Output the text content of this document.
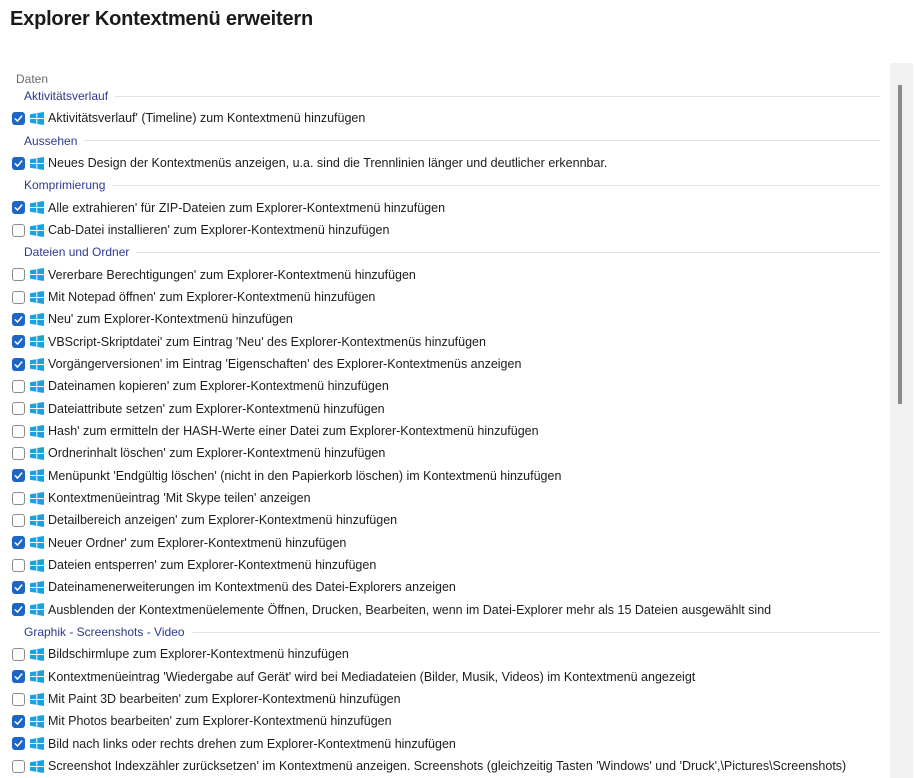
Explorer Kontextmenü erweitern
Daten
Aktivitätsverlauf
Aktivitätsverlauf' (Timeline) zum Kontextmenü hinzufügen
Aussehen
Neues Design der Kontextmenüs anzeigen, u.a. sind die Trennlinien länger und deutlicher erkennbar.
Komprimierung
Alle extrahieren' für ZIP-Dateien zum Explorer-Kontextmenü hinzufügen
Cab-Datei installieren' zum Explorer-Kontextmenü hinzufügen
Dateien und Ordner
Vererbare Berechtigungen' zum Explorer-Kontextmenü hinzufügen
Mit Notepad öffnen' zum Explorer-Kontextmenü hinzufügen
Neu' zum Explorer-Kontextmenü hinzufügen
VBScript-Skriptdatei' zum Eintrag 'Neu' des Explorer-Kontextmenüs hinzufügen
Vorgängerversionen' im Eintrag 'Eigenschaften' des Explorer-Kontextmenüs anzeigen
Dateinamen kopieren' zum Explorer-Kontextmenü hinzufügen
Dateiattribute setzen' zum Explorer-Kontextmenü hinzufügen
Hash' zum ermitteln der HASH-Werte einer Datei zum Explorer-Kontextmenü hinzufügen
Ordnerinhalt löschen' zum Explorer-Kontextmenü hinzufügen
Menüpunkt 'Endgültig löschen' (nicht in den Papierkorb löschen) im Kontextmenü hinzufügen
Kontextmenüeintrag 'Mit Skype teilen' anzeigen
Detailbereich anzeigen' zum Explorer-Kontextmenü hinzufügen
Neuer Ordner' zum Explorer-Kontextmenü hinzufügen
Dateien entsperren' zum Explorer-Kontextmenü hinzufügen
Dateinamenerweiterungen im Kontextmenü des Datei-Explorers anzeigen
Ausblenden der Kontextmenüelemente Öffnen, Drucken, Bearbeiten, wenn im Datei-Explorer mehr als 15 Dateien ausgewählt sind
Graphik - Screenshots - Video
Bildschirmlupe zum Explorer-Kontextmenü hinzufügen
Kontextmenüeintrag 'Wiedergabe auf Gerät' wird bei Mediadateien (Bilder, Musik, Videos) im Kontextmenü angezeigt
Mit Paint 3D bearbeiten' zum Explorer-Kontextmenü hinzufügen
Mit Photos bearbeiten' zum Explorer-Kontextmenü hinzufügen
Bild nach links oder rechts drehen zum Explorer-Kontextmenü hinzufügen
Screenshot Indexzähler zurücksetzen' im Kontextmenü anzeigen. Screenshots (gleichzeitig Tasten 'Windows' und 'Druck',\Pictures\Screenshots)
